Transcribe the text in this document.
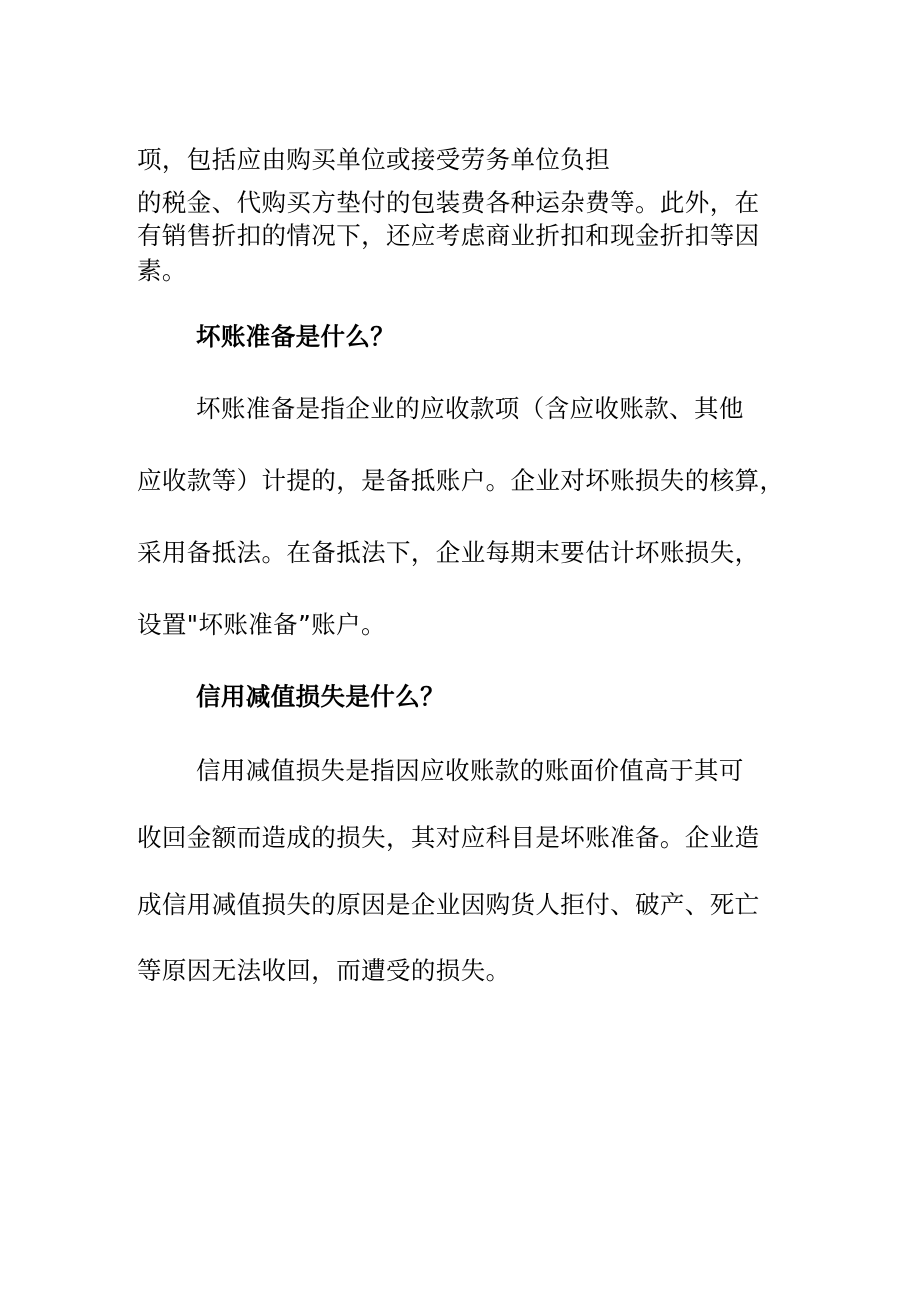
项，包括应由购买单位或接受劳务单位负担
的税金、代购买方垫付的包装费各种运杂费等。此外，在
有销售折扣的情况下，还应考虑商业折扣和现金折扣等因
素。
坏账准备是什么？
坏账准备是指企业的应收款项（含应收账款、其他
应收款等）计提的，是备抵账户。企业对坏账损失的核算，
采用备抵法。在备抵法下，企业每期末要估计坏账损失，
设置"坏账准备”账户。
信用减值损失是什么？
信用减值损失是指因应收账款的账面价值高于其可
收回金额而造成的损失，其对应科目是坏账准备。企业造
成信用减值损失的原因是企业因购货人拒付、破产、死亡
等原因无法收回，而遭受的损失。
